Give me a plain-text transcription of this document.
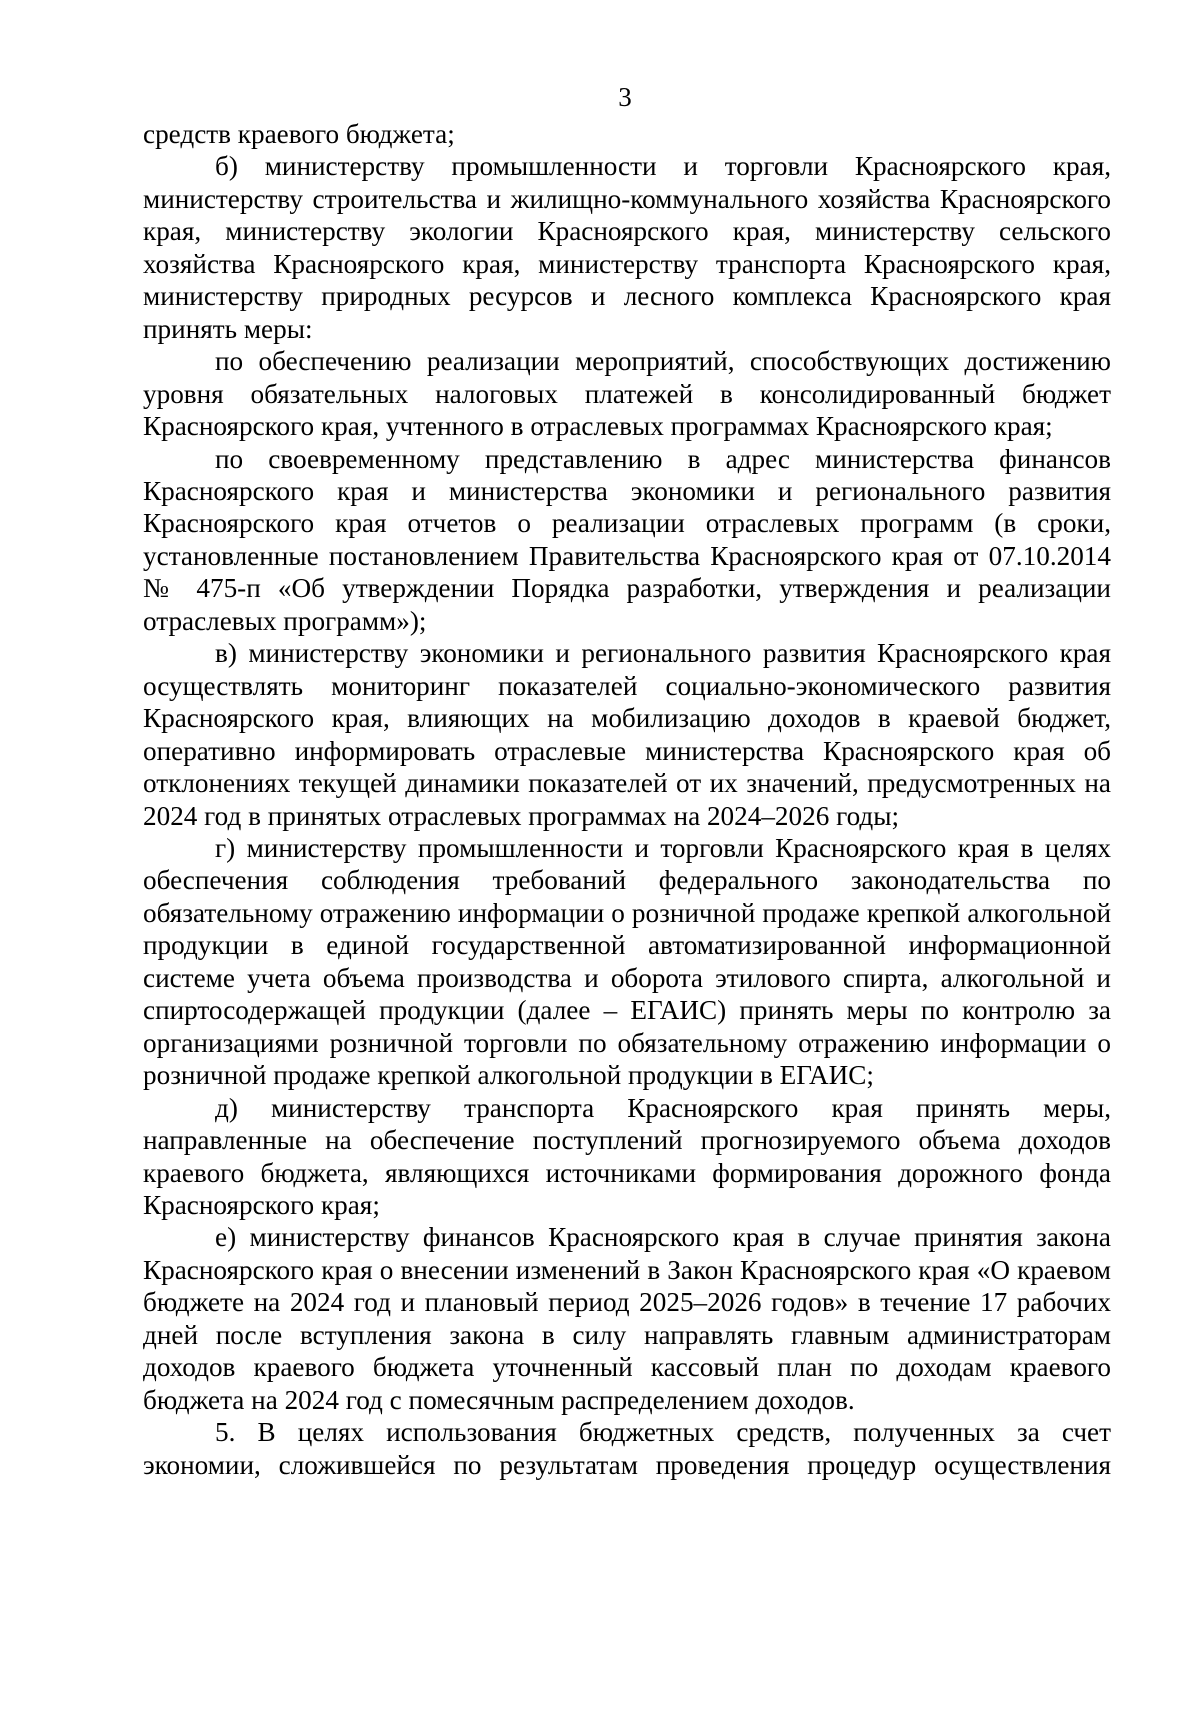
3

средств краевого бюджета;

б) министерству промышленности и торговли Красноярского края, министерству строительства и жилищно-коммунального хозяйства Красноярского края, министерству экологии Красноярского края, министерству сельского хозяйства Красноярского края, министерству транспорта Красноярского края, министерству природных ресурсов и лесного комплекса Красноярского края принять меры:

по обеспечению реализации мероприятий, способствующих достижению уровня обязательных налоговых платежей в консолидированный бюджет Красноярского края, учтенного в отраслевых программах Красноярского края;

по своевременному представлению в адрес министерства финансов Красноярского края и министерства экономики и регионального развития Красноярского края отчетов о реализации отраслевых программ (в сроки, установленные постановлением Правительства Красноярского края от 07.10.2014 № 475-п «Об утверждении Порядка разработки, утверждения и реализации отраслевых программ»);

в) министерству экономики и регионального развития Красноярского края осуществлять мониторинг показателей социально-экономического развития Красноярского края, влияющих на мобилизацию доходов в краевой бюджет, оперативно информировать отраслевые министерства Красноярского края об отклонениях текущей динамики показателей от их значений, предусмотренных на 2024 год в принятых отраслевых программах на 2024–2026 годы;

г) министерству промышленности и торговли Красноярского края в целях обеспечения соблюдения требований федерального законодательства по обязательному отражению информации о розничной продаже крепкой алкогольной продукции в единой государственной автоматизированной информационной системе учета объема производства и оборота этилового спирта, алкогольной и спиртосодержащей продукции (далее – ЕГАИС) принять меры по контролю за организациями розничной торговли по обязательному отражению информации о розничной продаже крепкой алкогольной продукции в ЕГАИС;

д) министерству транспорта Красноярского края принять меры, направленные на обеспечение поступлений прогнозируемого объема доходов краевого бюджета, являющихся источниками формирования дорожного фонда Красноярского края;

е) министерству финансов Красноярского края в случае принятия закона Красноярского края о внесении изменений в Закон Красноярского края «О краевом бюджете на 2024 год и плановый период 2025–2026 годов» в течение 17 рабочих дней после вступления закона в силу направлять главным администраторам доходов краевого бюджета уточненный кассовый план по доходам краевого бюджета на 2024 год с помесячным распределением доходов.

5. В целях использования бюджетных средств, полученных за счет экономии, сложившейся по результатам проведения процедур осуществления
